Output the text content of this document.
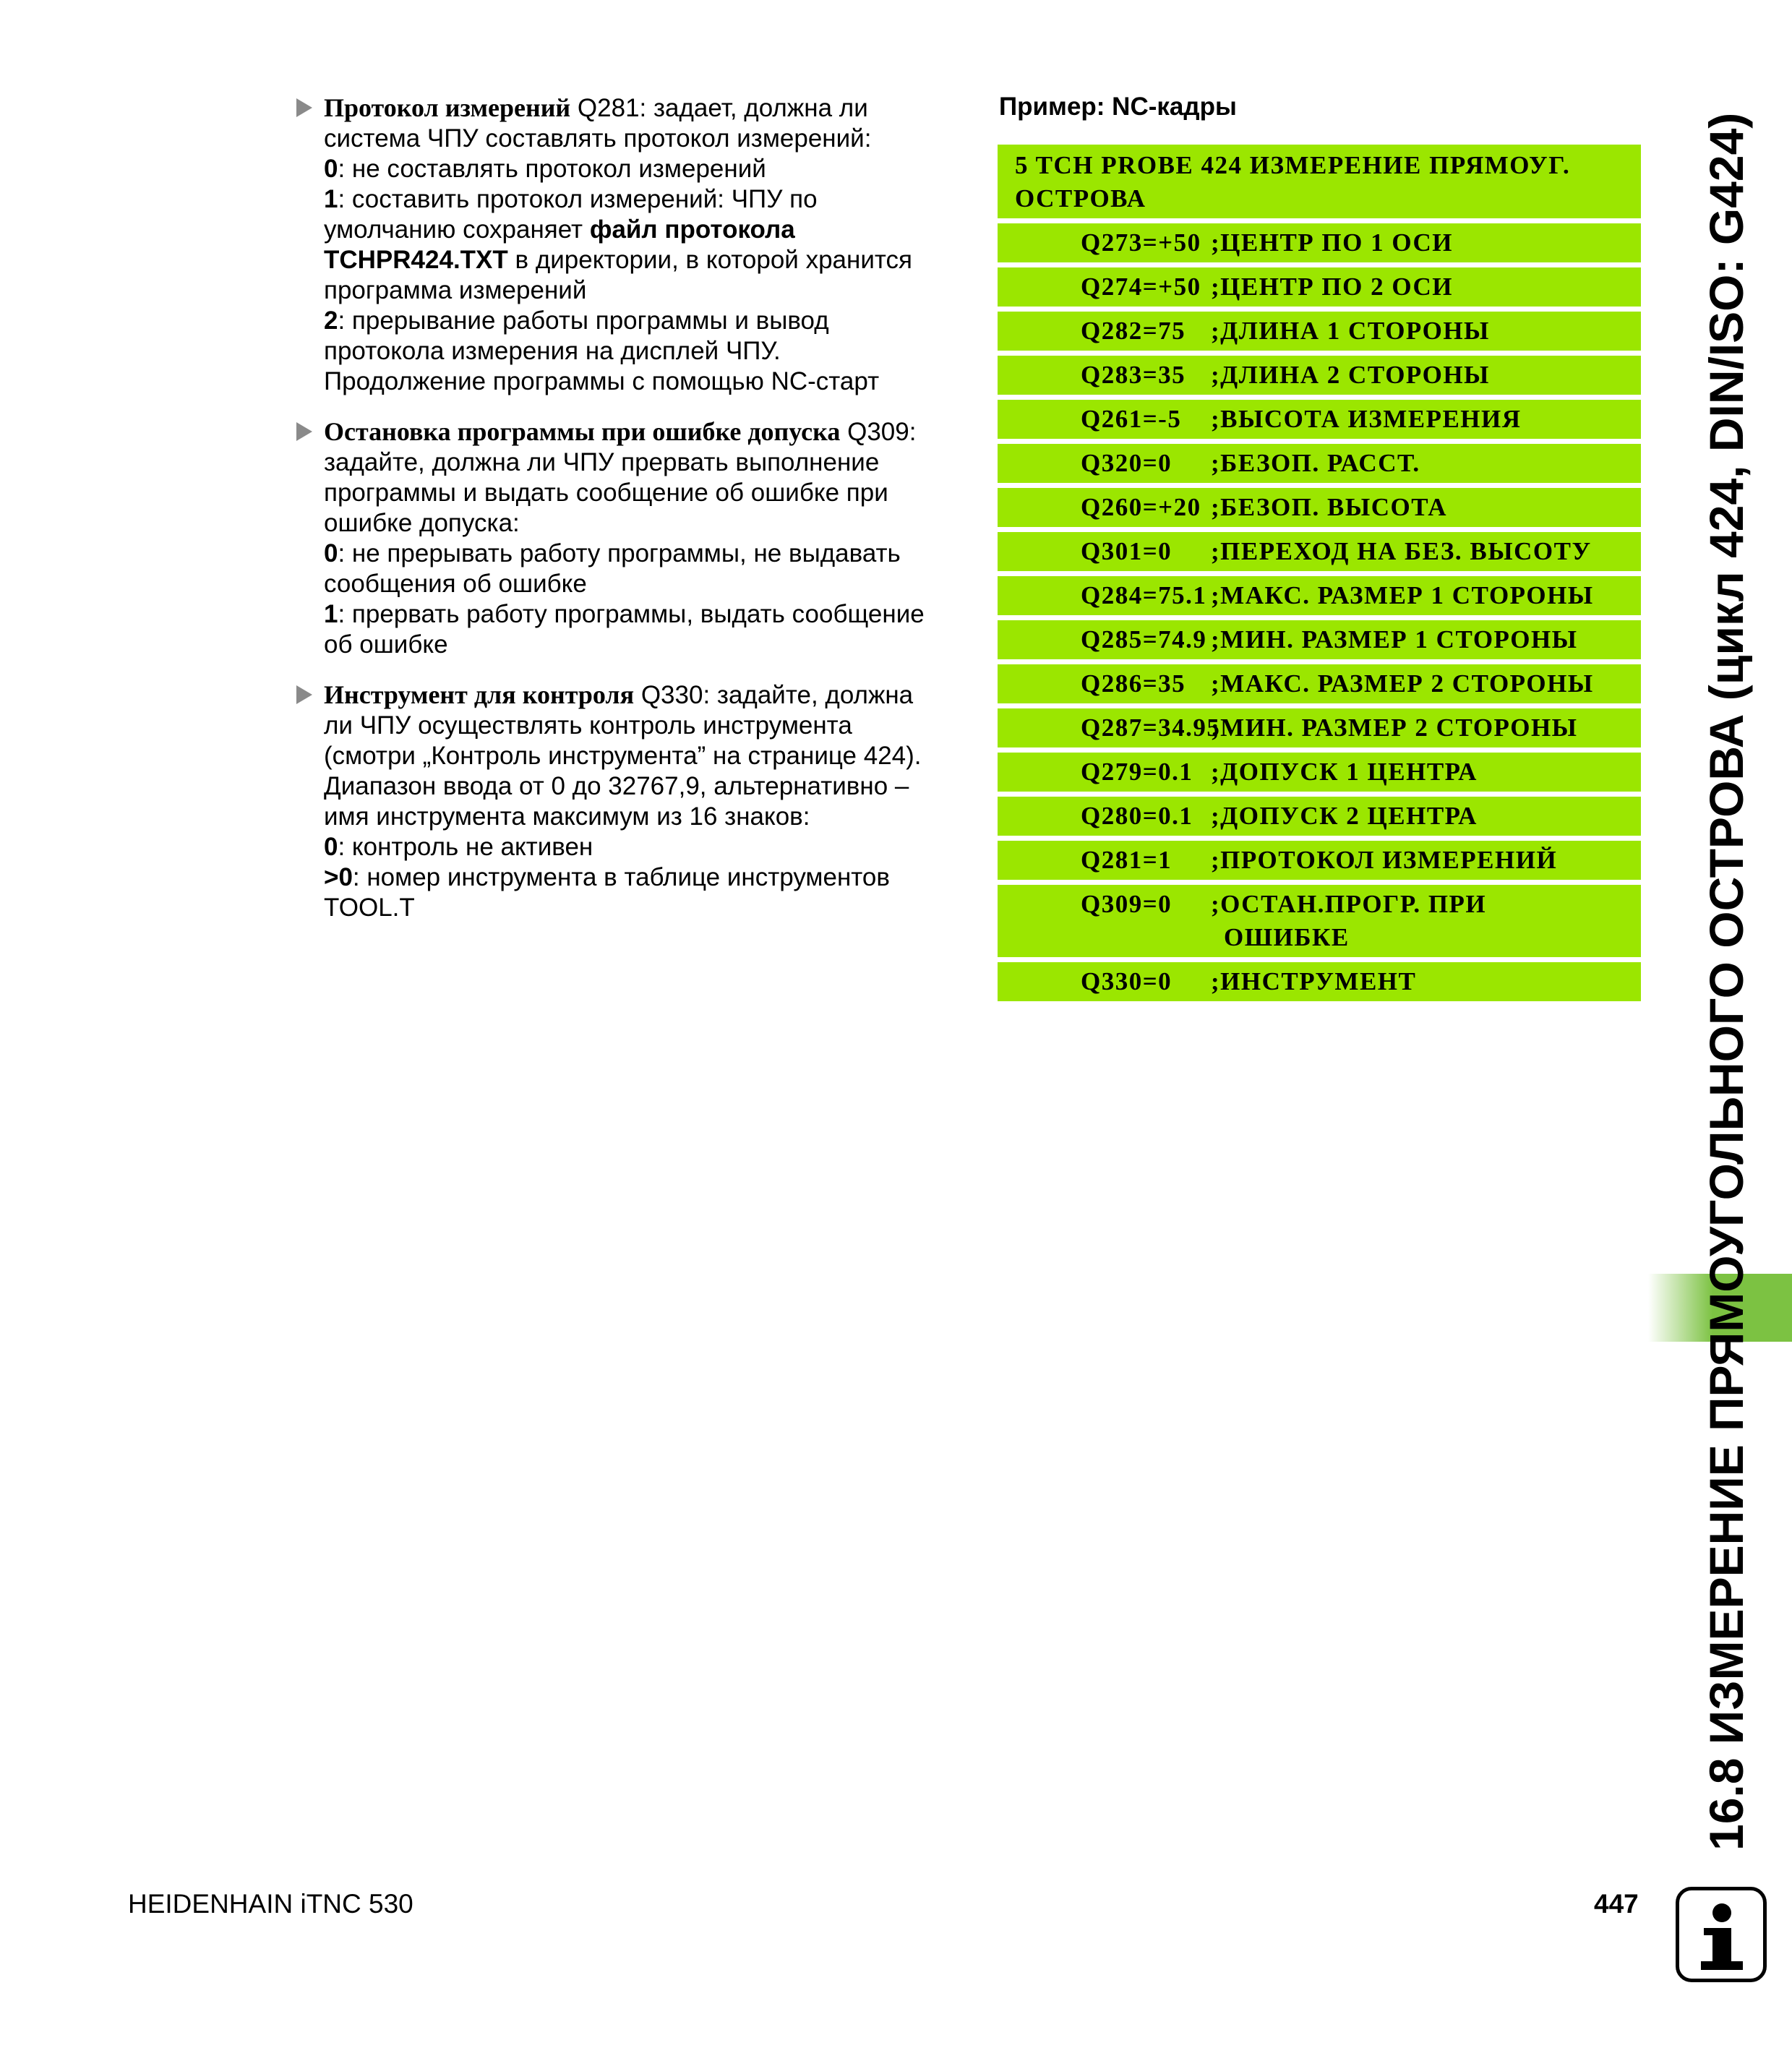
Протокол измерений Q281: задает, должна ли
система ЧПУ составлять протокол измерений:
0: не составлять протокол измерений
1: составить протокол измерений: ЧПУ по
умолчанию сохраняет файл протокола
TCHPR424.TXT в директории, в которой хранится
программа измерений
2: прерывание работы программы и вывод
протокола измерения на дисплей ЧПУ.
Продолжение программы с помощью NC-старт
Остановка программы при ошибке допуска Q309:
задайте, должна ли ЧПУ прервать выполнение
программы и выдать сообщение об ошибке при
ошибке допуска:
0: не прерывать работу программы, не выдавать
сообщения об ошибке
1: прервать работу программы, выдать сообщение
об ошибке
Инструмент для контроля Q330: задайте, должна
ли ЧПУ осуществлять контроль инструмента
(смотри „Контроль инструмента” на странице 424).
Диапазон ввода от 0 до 32767,9, альтернативно –
имя инструмента максимум из 16 знаков:
0: контроль не активен
>0: номер инструмента в таблице инструментов
TOOL.T
Пример: NC-кадры
5 TCH PROBE 424 ИЗМЕРЕНИЕ ПРЯМОУГ.
ОСТРОВА
Q273=+50 ;ЦЕНТР ПО 1 ОСИ
Q274=+50 ;ЦЕНТР ПО 2 ОСИ
Q282=75 ;ДЛИНА 1 СТОРОНЫ
Q283=35 ;ДЛИНА 2 СТОРОНЫ
Q261=-5 ;ВЫСОТА ИЗМЕРЕНИЯ
Q320=0 ;БЕЗОП. РАССТ.
Q260=+20 ;БЕЗОП. ВЫСОТА
Q301=0 ;ПЕРЕХОД НА БЕЗ. ВЫСОТУ
Q284=75.1 ;МАКС. РАЗМЕР 1 СТОРОНЫ
Q285=74.9 ;МИН. РАЗМЕР 1 СТОРОНЫ
Q286=35 ;МАКС. РАЗМЕР 2 СТОРОНЫ
Q287=34.95
;МИН. РАЗМЕР 2 СТОРОНЫ
Q279=0.1 ;ДОПУСК 1 ЦЕНТРА
Q280=0.1 ;ДОПУСК 2 ЦЕНТРА
Q281=1 ;ПРОТОКОЛ ИЗМЕРЕНИЙ
Q309=0 ;ОСТАН.ПРОГР. ПРИ
ОШИБКЕ
Q330=0 ;ИНСТРУМЕНТ	16.8 ИЗМЕРЕНИЕ ПРЯМОУГОЛЬНОГО ОСТРОВА (цикл 424, DIN/ISO: G424)
HEIDENHAIN iTNC 530	447
